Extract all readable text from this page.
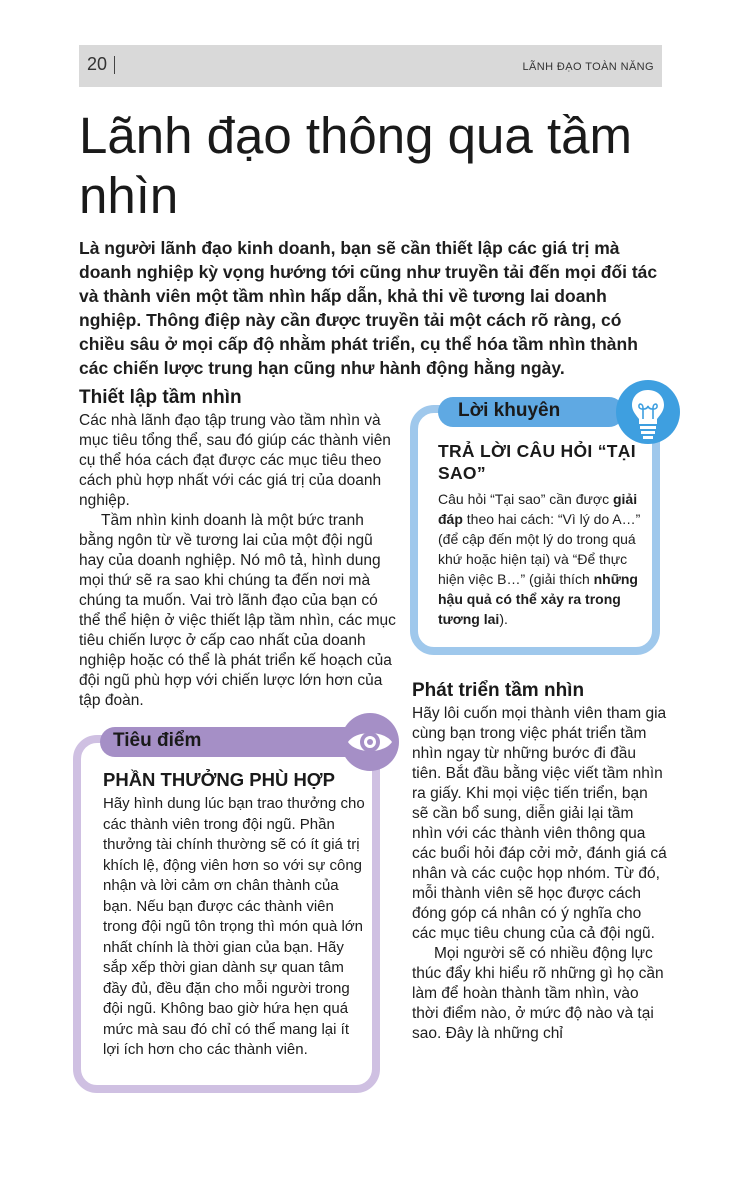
20	LÃNH ĐẠO TOÀN NĂNG
Lãnh đạo thông qua tầm nhìn

Là người lãnh đạo kinh doanh, bạn sẽ cần thiết lập các giá trị mà doanh nghiệp kỳ vọng hướng tới cũng như truyền tải đến mọi đối tác và thành viên một tầm nhìn hấp dẫn, khả thi về tương lai doanh nghiệp. Thông điệp này cần được truyền tải một cách rõ ràng, có chiều sâu ở mọi cấp độ nhằm phát triển, cụ thể hóa tầm nhìn thành các chiến lược trung hạn cũng như hành động hằng ngày.

Thiết lập tầm nhìn

Các nhà lãnh đạo tập trung vào tầm nhìn và mục tiêu tổng thể, sau đó giúp các thành viên cụ thể hóa cách đạt được các mục tiêu theo cách phù hợp nhất với các giá trị của doanh nghiệp.

Tầm nhìn kinh doanh là một bức tranh bằng ngôn từ về tương lai của một đội ngũ hay của doanh nghiệp. Nó mô tả, hình dung mọi thứ sẽ ra sao khi chúng ta đến nơi mà chúng ta muốn. Vai trò lãnh đạo của bạn có thể thể hiện ở việc thiết lập tầm nhìn, các mục tiêu chiến lược ở cấp cao nhất của doanh nghiệp hoặc có thể là phát triển kế hoạch của đội ngũ phù hợp với chiến lược lớn hơn của tập đoàn.

Lời khuyên
TRẢ LỜI CÂU HỎI “TẠI SAO”

Câu hỏi “Tại sao” cần được giải đáp theo hai cách: “Vì lý do A…” (để cập đến một lý do trong quá khứ hoặc hiện tại) và “Để thực hiện việc B…” (giải thích những hậu quả có thể xảy ra trong tương lai).

Tiêu điểm
PHẦN THƯỞNG PHÙ HỢP

Hãy hình dung lúc bạn trao thưởng cho các thành viên trong đội ngũ. Phần thưởng tài chính thường sẽ có ít giá trị khích lệ, động viên hơn so với sự công nhận và lời cảm ơn chân thành của bạn. Nếu bạn được các thành viên trong đội ngũ tôn trọng thì món quà lớn nhất chính là thời gian của bạn. Hãy sắp xếp thời gian dành sự quan tâm đầy đủ, đều đặn cho mỗi người trong đội ngũ. Không bao giờ hứa hẹn quá mức mà sau đó chỉ có thể mang lại ít lợi ích hơn cho các thành viên.

Phát triển tầm nhìn

Hãy lôi cuốn mọi thành viên tham gia cùng bạn trong việc phát triển tầm nhìn ngay từ những bước đi đầu tiên. Bắt đầu bằng việc viết tầm nhìn ra giấy. Khi mọi việc tiến triển, bạn sẽ cần bổ sung, diễn giải lại tầm nhìn với các thành viên thông qua các buổi hỏi đáp cởi mở, đánh giá cá nhân và các cuộc họp nhóm. Từ đó, mỗi thành viên sẽ học được cách đóng góp cá nhân có ý nghĩa cho các mục tiêu chung của cả đội ngũ.

Mọi người sẽ có nhiều động lực thúc đẩy khi hiểu rõ những gì họ cần làm để hoàn thành tầm nhìn, vào thời điểm nào, ở mức độ nào và tại sao. Đây là những chỉ
